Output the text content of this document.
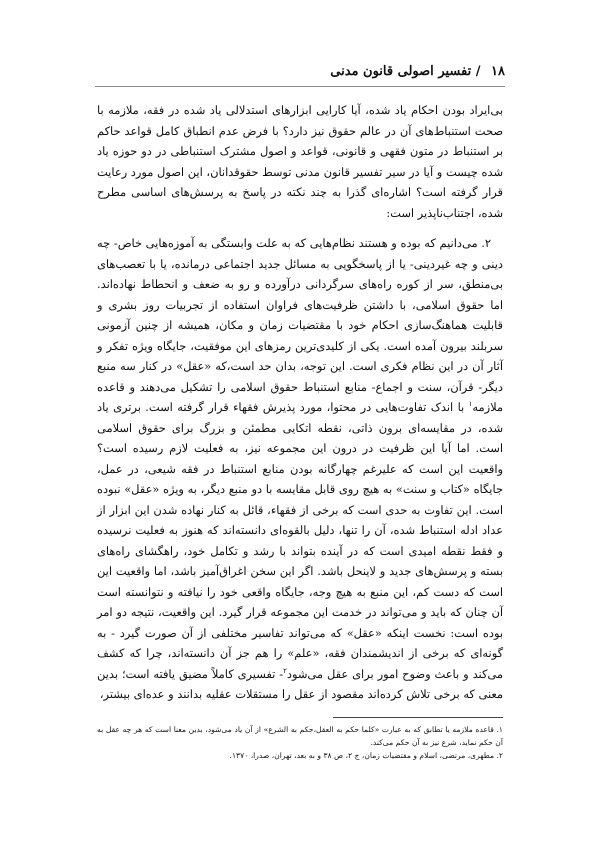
۱۸ / تفسیر اصولی قانون مدنی

بی‌ایراد بودن احکام یاد شده، آیا کارایی ابزارهای استدلالی یاد شده در فقه، ملازمه با صحت استنباط‌های آن در عالم حقوق نیز دارد؟ با فرض عدم انطباق کامل قواعد حاکم بر استنباط در متون فقهی و قانونی، قواعد و اصول مشترک استنباطی در دو حوزه یاد شده چیست و آیا در سیر تفسیر قانون مدنی توسط حقوقدانان، این اصول مورد رعایت قرار گرفته است؟ اشاره‌ای گذرا به چند نکته در پاسخ به پرسش‌های اساسی مطرح شده، اجتناب‌ناپذیر است:

۲. می‌دانیم که بوده و هستند نظام‌هایی که به علت وابستگی به آموزه‌هایی خاص- چه دینی و چه غیردینی- یا از پاسخگویی به مسائل جدید اجتماعی درمانده، یا با تعصب‌های بی‌منطق، سر از کوره راه‌های سرگردانی درآورده و رو به ضعف و انحطاط نهاده‌اند. اما حقوق اسلامی، با داشتن ظرفیت‌های فراوان استفاده از تجربیات روز بشری و قابلیت هماهنگ‌سازی احکام خود با مقتضیات زمان و مکان، همیشه از چنین آزمونی سربلند بیرون آمده است. یکی از کلیدی‌ترین رمزهای این موفقیت، جایگاه ویژه تفکر و آثار آن در این نظام فکری است. این توجه، بدان حد است،که «عقل» در کنار سه منبع دیگر- قرآن، سنت و اجماع- منابع استنباط حقوق اسلامی را تشکیل می‌دهند و قاعده ملازمه$^۱$ با اندک تفاوت‌هایی در محتوا، مورد پذیرش فقهاء قرار گرفته است. برتری یاد شده، در مقایسه‌ای برون ذاتی، نقطه اتکایی مطمئن و بزرگ برای حقوق اسلامی است. اما آیا این ظرفیت در درون این مجموعه نیز، به فعلیت لازم رسیده است؟ واقعیت این است که علیرغم چهارگانه بودن منابع استنباط در فقه شیعی، در عمل، جایگاه «کتاب و سنت» به هیچ روی قابل مقایسه با دو منبع دیگر، به ویژه «عقل» نبوده است. این تفاوت به حدی است که برخی از فقهاء، قائل به کنار نهاده شدن این ابزار از عداد ادله استنباط شده، آن را تنها، دلیل بالقوه‌ای دانسته‌اند که هنوز به فعلیت نرسیده و فقط نقطه امیدی است که در آینده بتواند با رشد و تکامل خود، راهگشای راه‌های بسته و پرسش‌های جدید و لاینحل باشد. اگر این سخن اغراق‌آمیز باشد، اما واقعیت این است که دست کم، این منبع به هیچ وجه، جایگاه واقعی خود را نیافته و نتوانسته است آن چنان که باید و می‌تواند در خدمت این مجموعه قرار گیرد. این واقعیت، نتیجه دو امر بوده است: نخست اینکه «عقل» که می‌تواند تفاسیر مختلفی از آن صورت گیرد - به گونه‌ای که برخی از اندیشمندان فقه، «علم» را هم جز آن دانسته‌اند، چرا که کشف می‌کند و باعث وضوح امور برای عقل می‌شود$^۲$- تفسیری کاملاً مضیق یافته است؛ بدین معنی که برخی تلاش کرده‌اند مقصود از عقل را مستقلات عقلیه بدانند و عده‌ای بیشتر،

۱. قاعده ملازمه یا تطابق که به عبارت «کلما حکم به العقل،حکم به الشرع» از آن یاد می‌شود، بدین معنا است که هر چه عقل به آن حکم نماید، شرع نیز به آن حکم می‌کند.
۲. مطهری، مرتضی، اسلام و مقتضیات زمان، ج ۲، ص ۳۸ و به بعد، تهران، صدرا، ۱۳۷۰.
